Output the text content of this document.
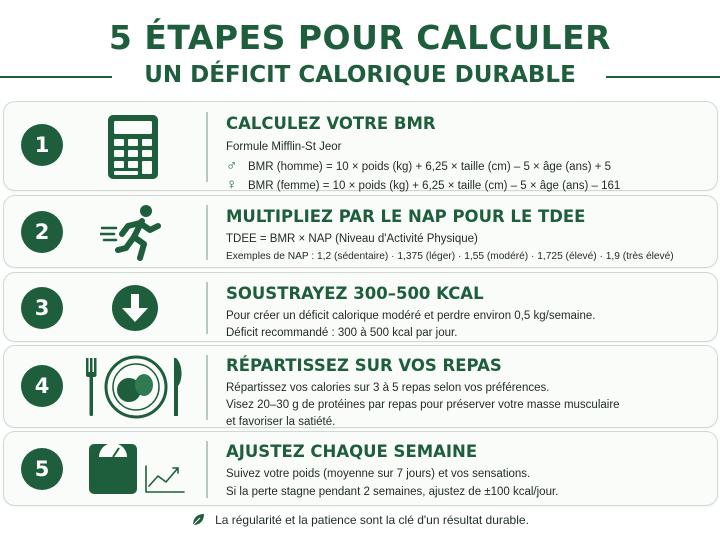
5 ÉTAPES POUR CALCULER
UN DÉFICIT CALORIQUE DURABLE
1
CALCULEZ VOTRE BMR
Formule Mifflin-St Jeor
♂ BMR (homme) = 10 × poids (kg) + 6,25 × taille (cm) – 5 × âge (ans) + 5
♀ BMR (femme) = 10 × poids (kg) + 6,25 × taille (cm) – 5 × âge (ans) – 161
2
MULTIPLIEZ PAR LE NAP POUR LE TDEE
TDEE = BMR × NAP (Niveau d'Activité Physique)
Exemples de NAP : 1,2 (sédentaire) · 1,375 (léger) · 1,55 (modéré) · 1,725 (élevé) · 1,9 (très élevé)
3
SOUSTRAYEZ 300–500 KCAL
Pour créer un déficit calorique modéré et perdre environ 0,5 kg/semaine.
Déficit recommandé : 300 à 500 kcal par jour.
4
RÉPARTISSEZ SUR VOS REPAS
Répartissez vos calories sur 3 à 5 repas selon vos préférences.
Visez 20–30 g de protéines par repas pour préserver votre masse musculaire
et favoriser la satiété.
5
AJUSTEZ CHAQUE SEMAINE
Suivez votre poids (moyenne sur 7 jours) et vos sensations.
Si la perte stagne pendant 2 semaines, ajustez de ±100 kcal/jour.
La régularité et la patience sont la clé d'un résultat durable.
